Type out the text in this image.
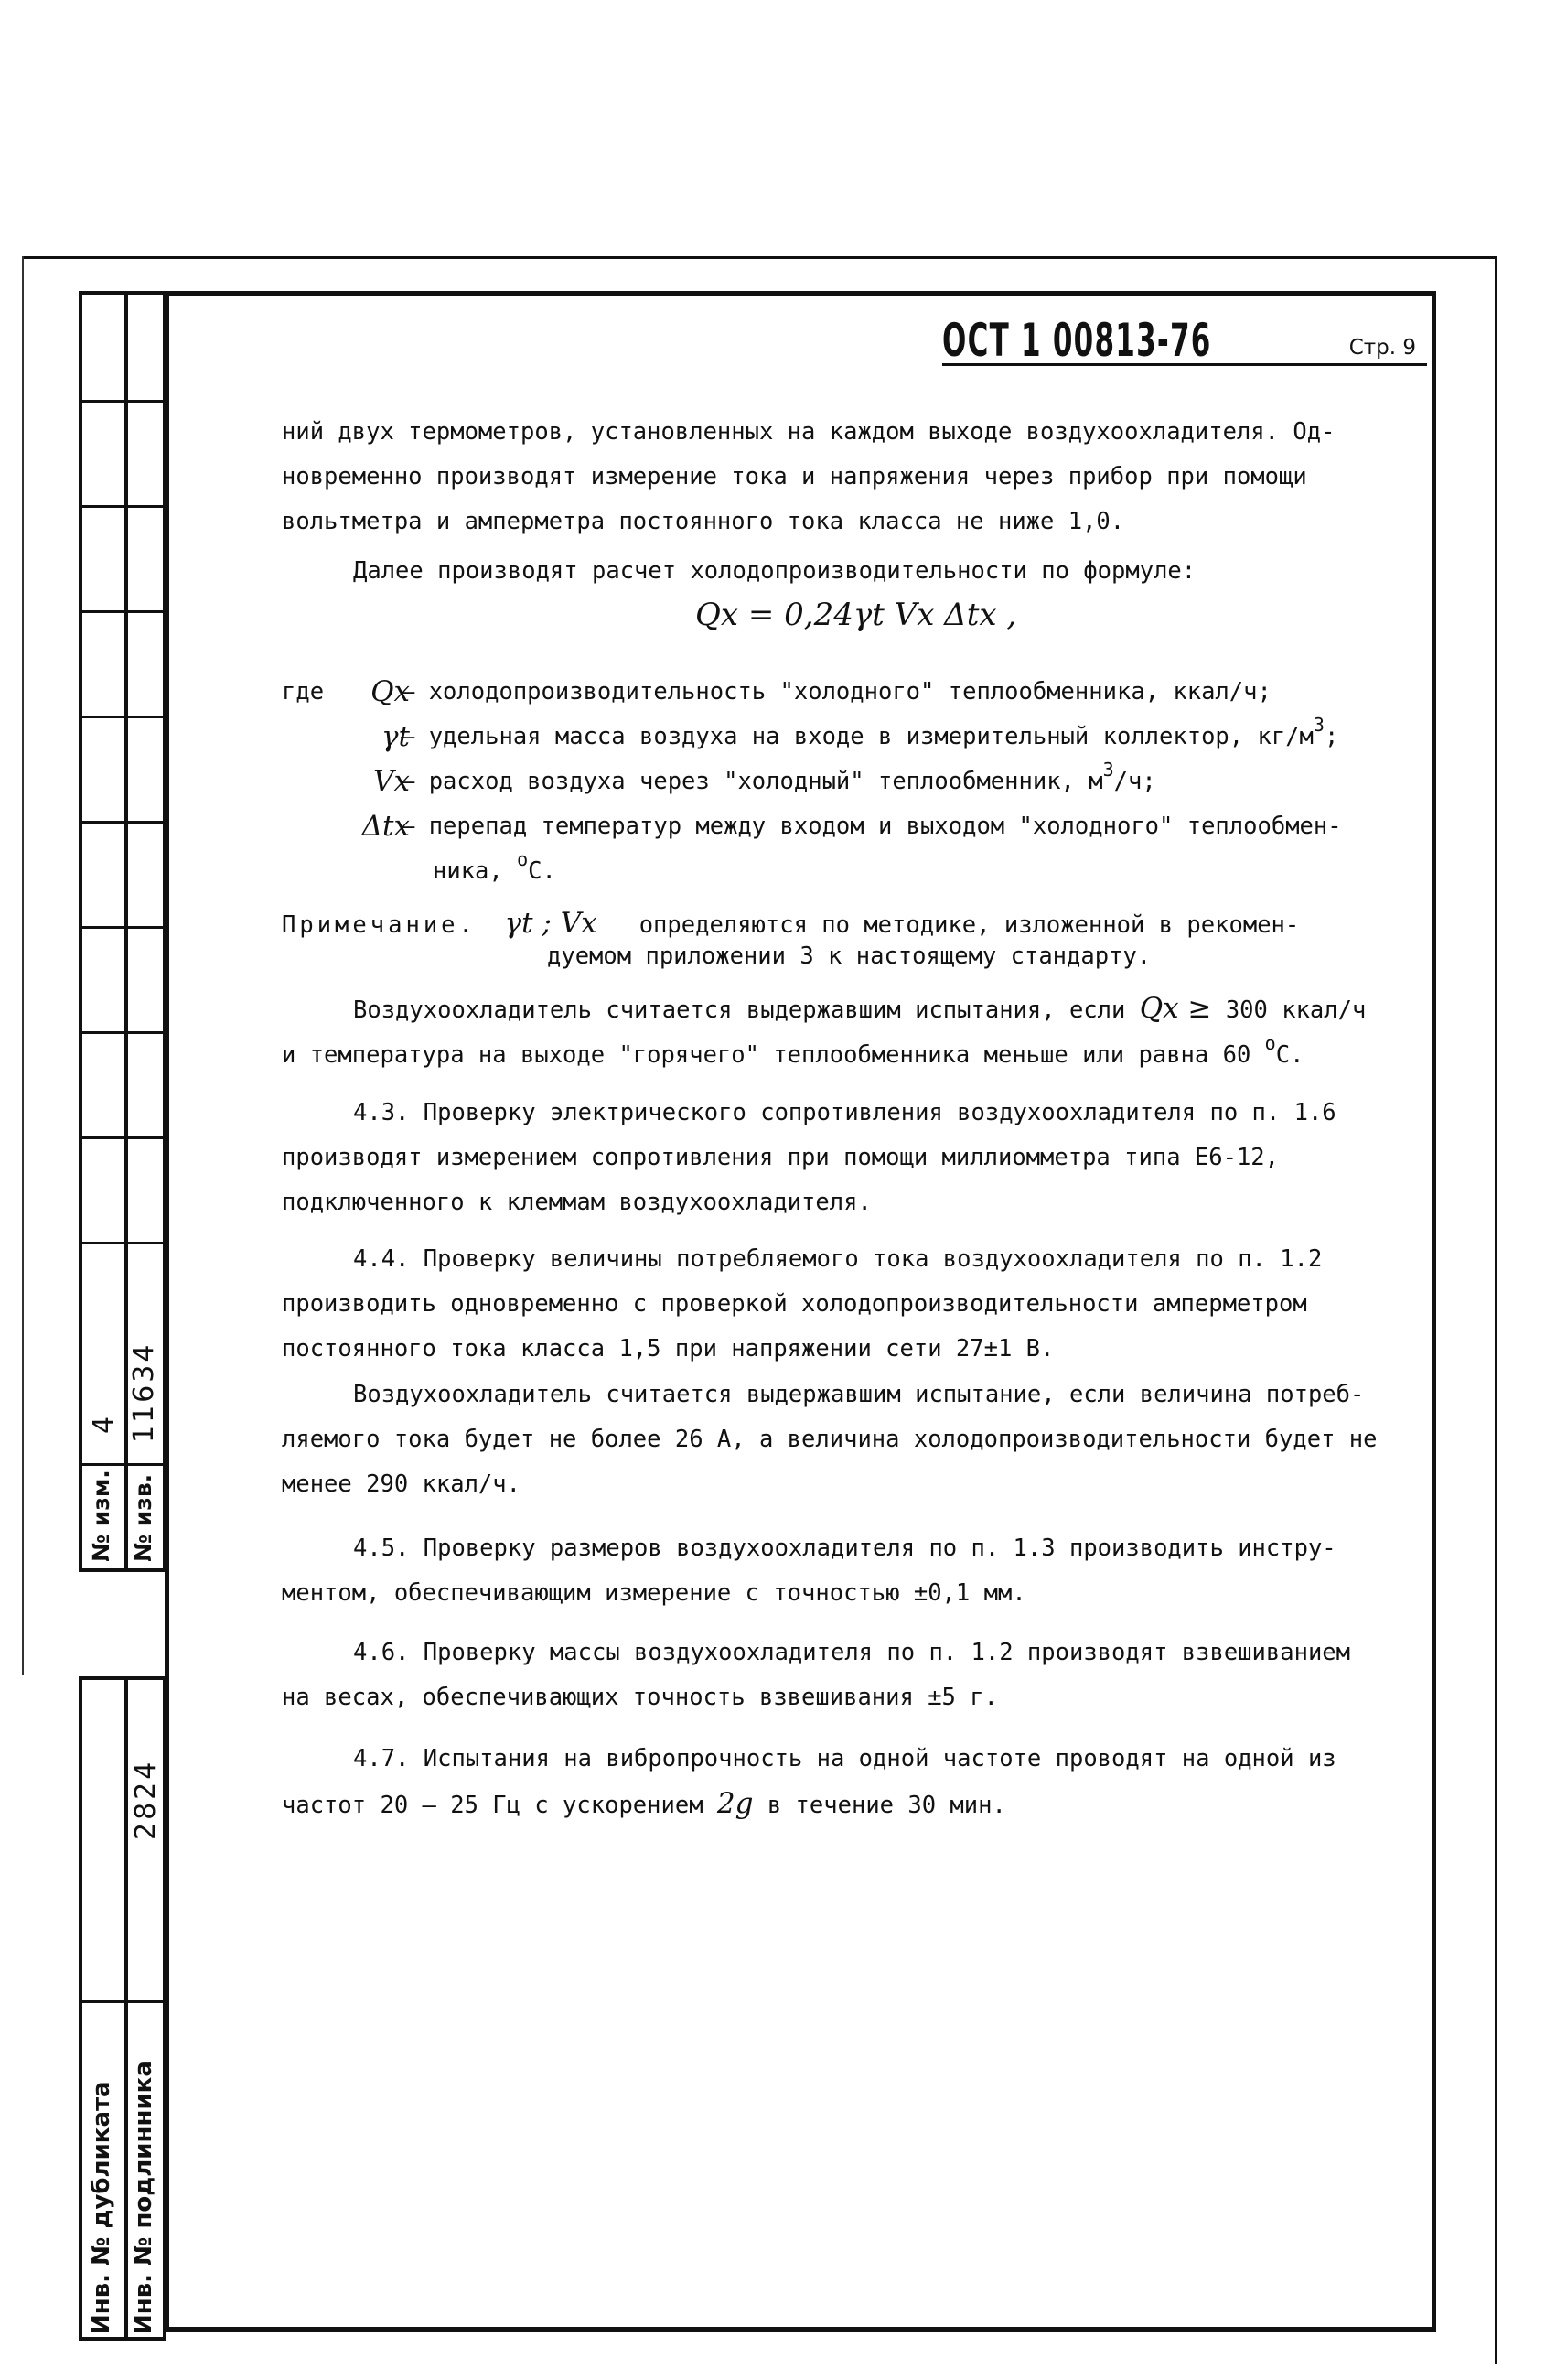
4 11634
№ изм. № изв.
2824
Инв. № дубликата Инв. № подлинника
ОСТ 1 00813-76	Стр. 9
ний двух термометров, установленных на каждом выходе воздухоохладителя. Од-
новременно производят измерение тока и напряжения через прибор при помощи
вольтметра и амперметра постоянного тока класса не ниже 1,0.
Далее производят расчет холодопроизводительности по формуле:
Qx = 0,24γt Vx Δtx ,
где	Qx
– холодопроизводительность "холодного" теплообменника, ккал/ч;
γt
– удельная масса воздуха на входе в измерительный коллектор, $кг/м^3$;
Vx
– расход воздуха через "холодный" теплообменник, $м^3/ч$;
Δtx
– перепад температур между входом и выходом "холодного" теплообмен-
ника, $^о$С.
Примечание. γt ; Vx определяются по методике, изложенной в рекомен-
дуемом приложении 3 к настоящему стандарту.
Воздухоохладитель считается выдержавшим испытания, если Qx ≥ 300 ккал/ч
и температура на выходе "горячего" теплообменника меньше или равна 60 $^о$С.
4.3. Проверку электрического сопротивления воздухоохладителя по п. 1.6
производят измерением сопротивления при помощи миллиомметра типа Е6-12,
подключенного к клеммам воздухоохладителя.
4.4. Проверку величины потребляемого тока воздухоохладителя по п. 1.2
производить одновременно с проверкой холодопроизводительности амперметром
постоянного тока класса 1,5 при напряжении сети 27±1 В.
Воздухоохладитель считается выдержавшим испытание, если величина потреб-
ляемого тока будет не более 26 А, а величина холодопроизводительности будет не
менее 290 ккал/ч.
4.5. Проверку размеров воздухоохладителя по п. 1.3 производить инстру-
ментом, обеспечивающим измерение с точностью ±0,1 мм.
4.6. Проверку массы воздухоохладителя по п. 1.2 производят взвешиванием
на весах, обеспечивающих точность взвешивания ±5 г.
4.7. Испытания на вибропрочность на одной частоте проводят на одной из
частот 20 – 25 Гц с ускорением 2g в течение 30 мин.
